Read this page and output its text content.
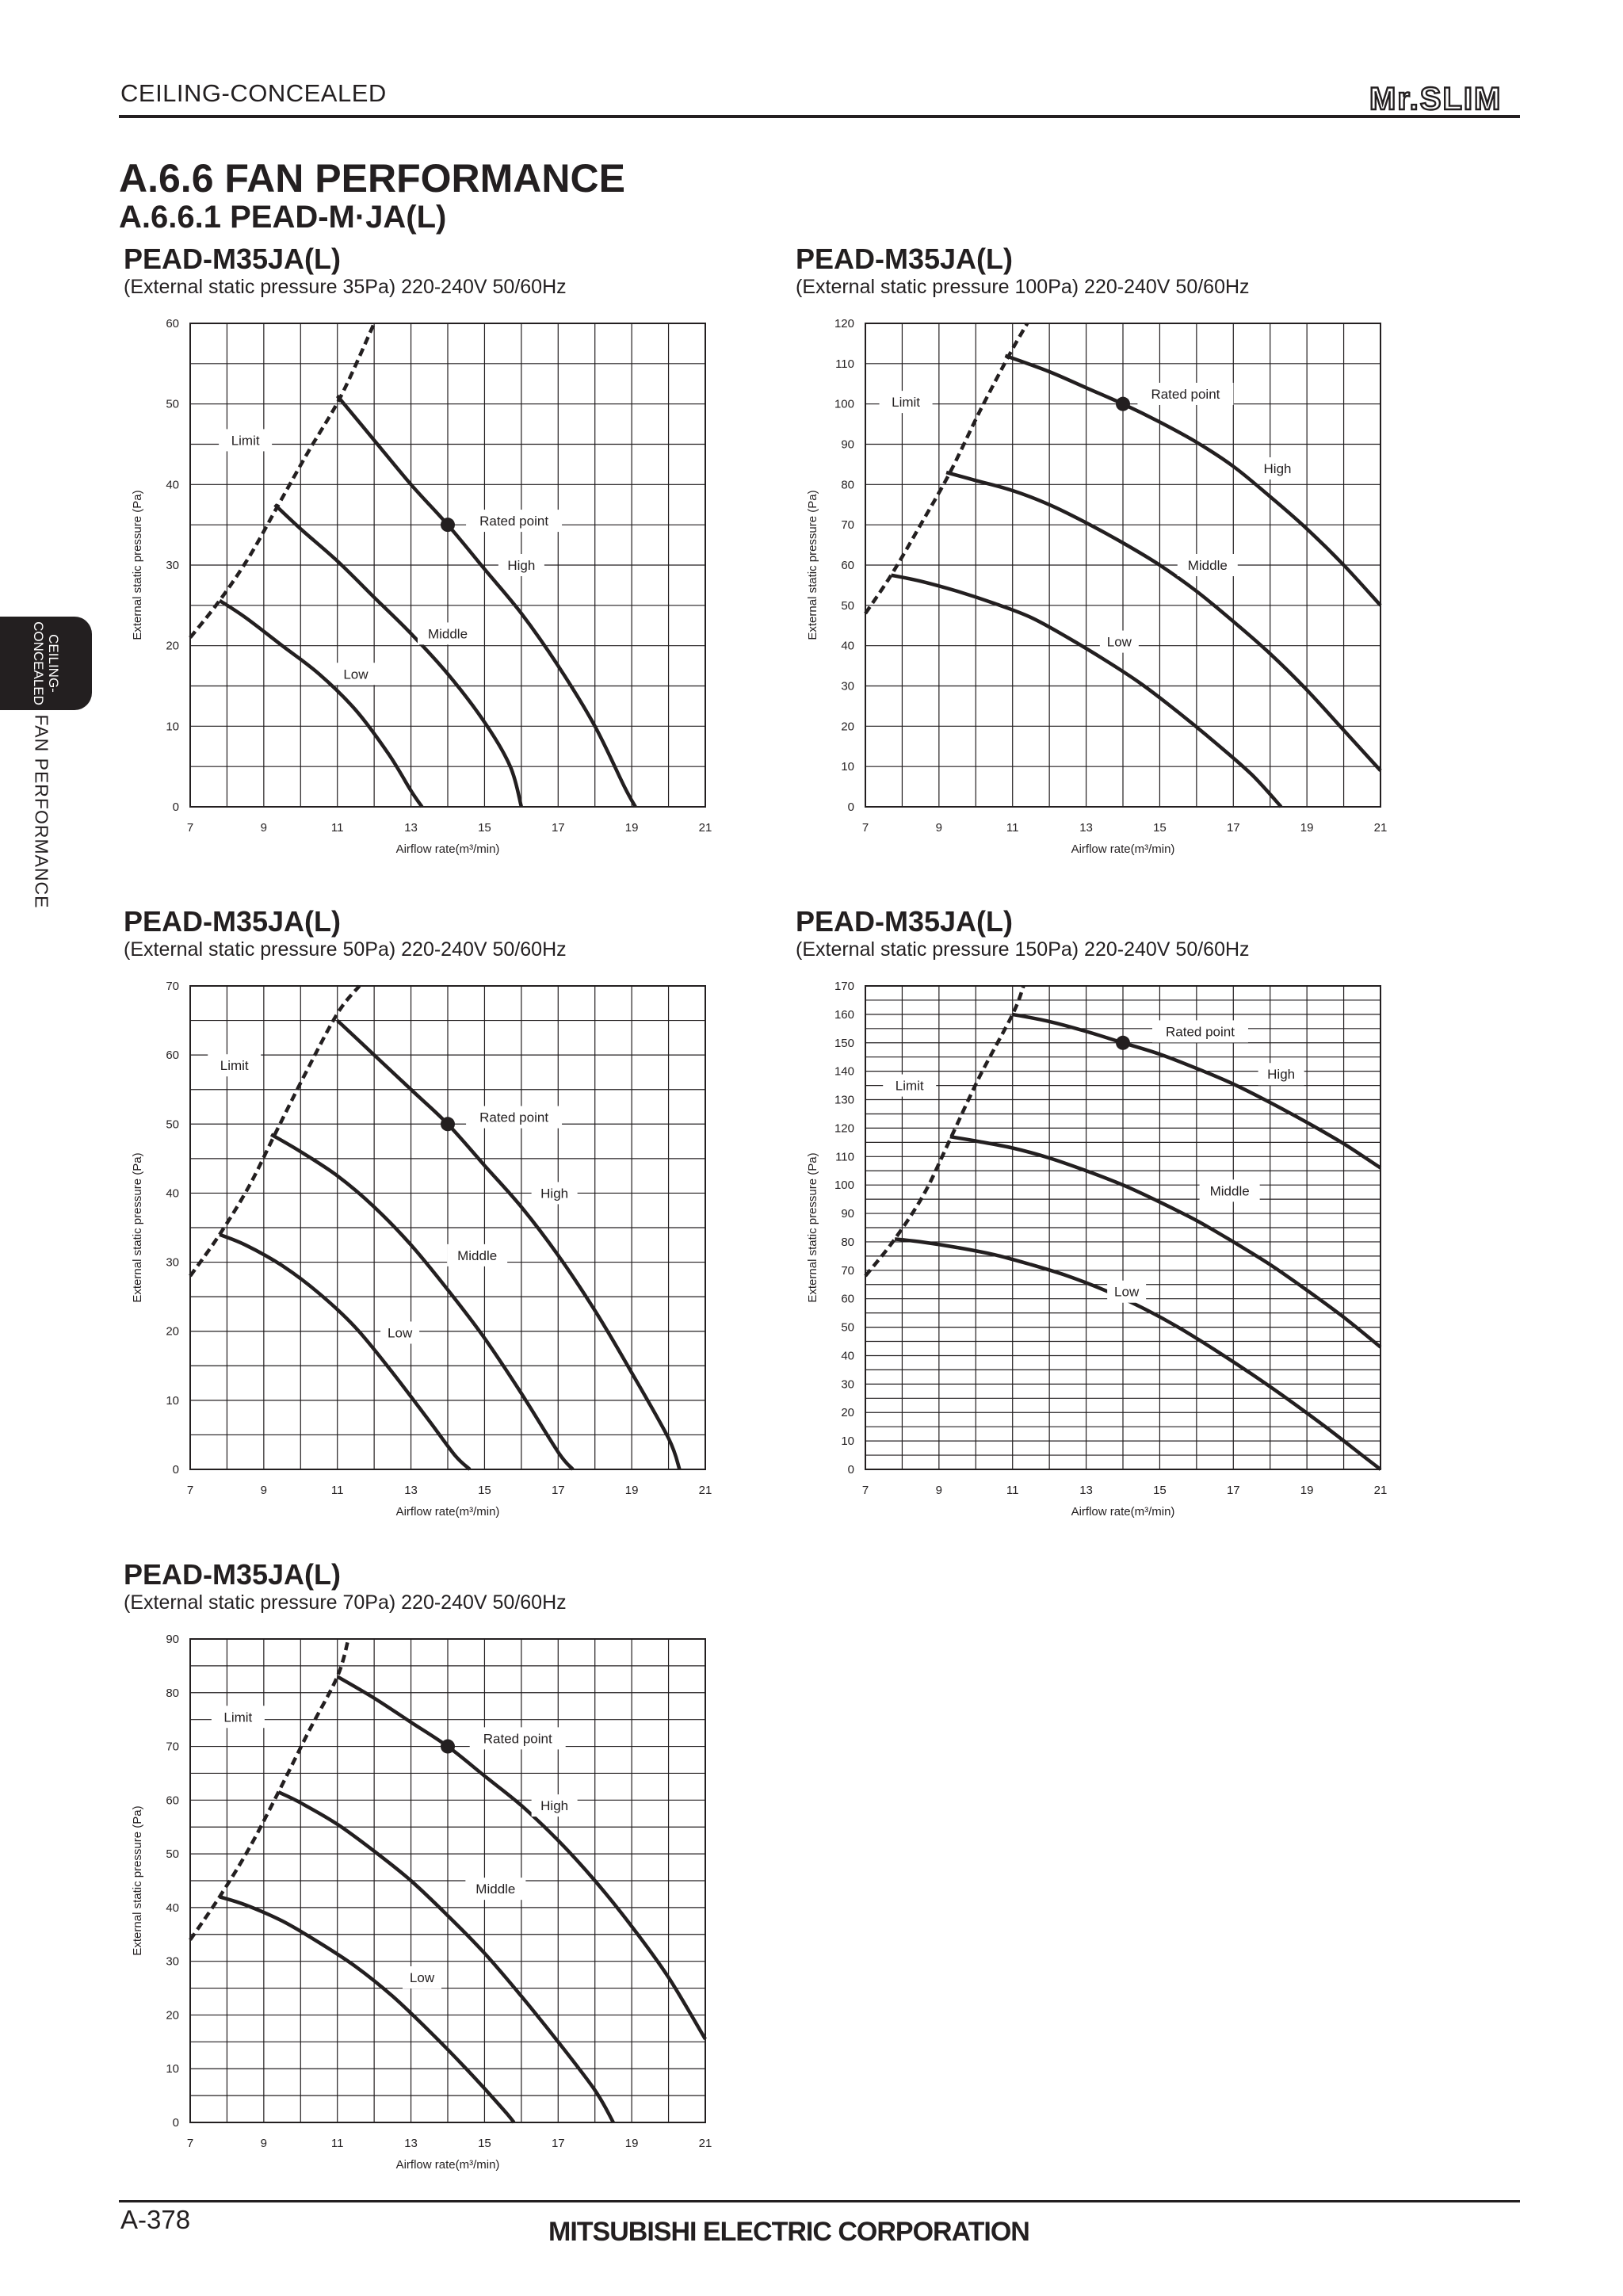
CEILING-CONCEALED	Mr.SLIM
A.6.6 FAN PERFORMANCE
A.6.6.1 PEAD-M·JA(L)
CEILING-
CONCEALED
FAN PERFORMANCE
PEAD-M35JA(L)
(External static pressure 35Pa) 220-240V 50/60Hz
7	9	11	13	15	17	19	21
0
10
20
30
40
50
60
Airflow rate(m³/min)
External static pressure (Pa)
Limit
High
Middle
Low
Rated point
PEAD-M35JA(L)
(External static pressure 100Pa) 220-240V 50/60Hz
7	9	11	13	15	17	19	21
0
10
20
30
40
50
60
70
80
90
100
110
120
Airflow rate(m³/min)
External static pressure (Pa)
Limit
High
Middle
Low
Rated point
PEAD-M35JA(L)
(External static pressure 50Pa) 220-240V 50/60Hz
7	9	11	13	15	17	19	21
0
10
20
30
40
50
60
70
Airflow rate(m³/min)
External static pressure (Pa)
Limit
High
Middle
Low
Rated point
PEAD-M35JA(L)
(External static pressure 150Pa) 220-240V 50/60Hz
7	9	11	13	15	17	19	21
0
10
20
30
40
50
60
70
80
90
100
110
120
130
140
150
160
170
Airflow rate(m³/min)
External static pressure (Pa)
Limit
High
Middle
Low
Rated point
PEAD-M35JA(L)
(External static pressure 70Pa) 220-240V 50/60Hz
7	9	11	13	15	17	19	21
0
10
20
30
40
50
60
70
80
90
Airflow rate(m³/min)
External static pressure (Pa)
Limit
High
Middle
Low
Rated point
A-378	MITSUBISHI ELECTRIC CORPORATION
